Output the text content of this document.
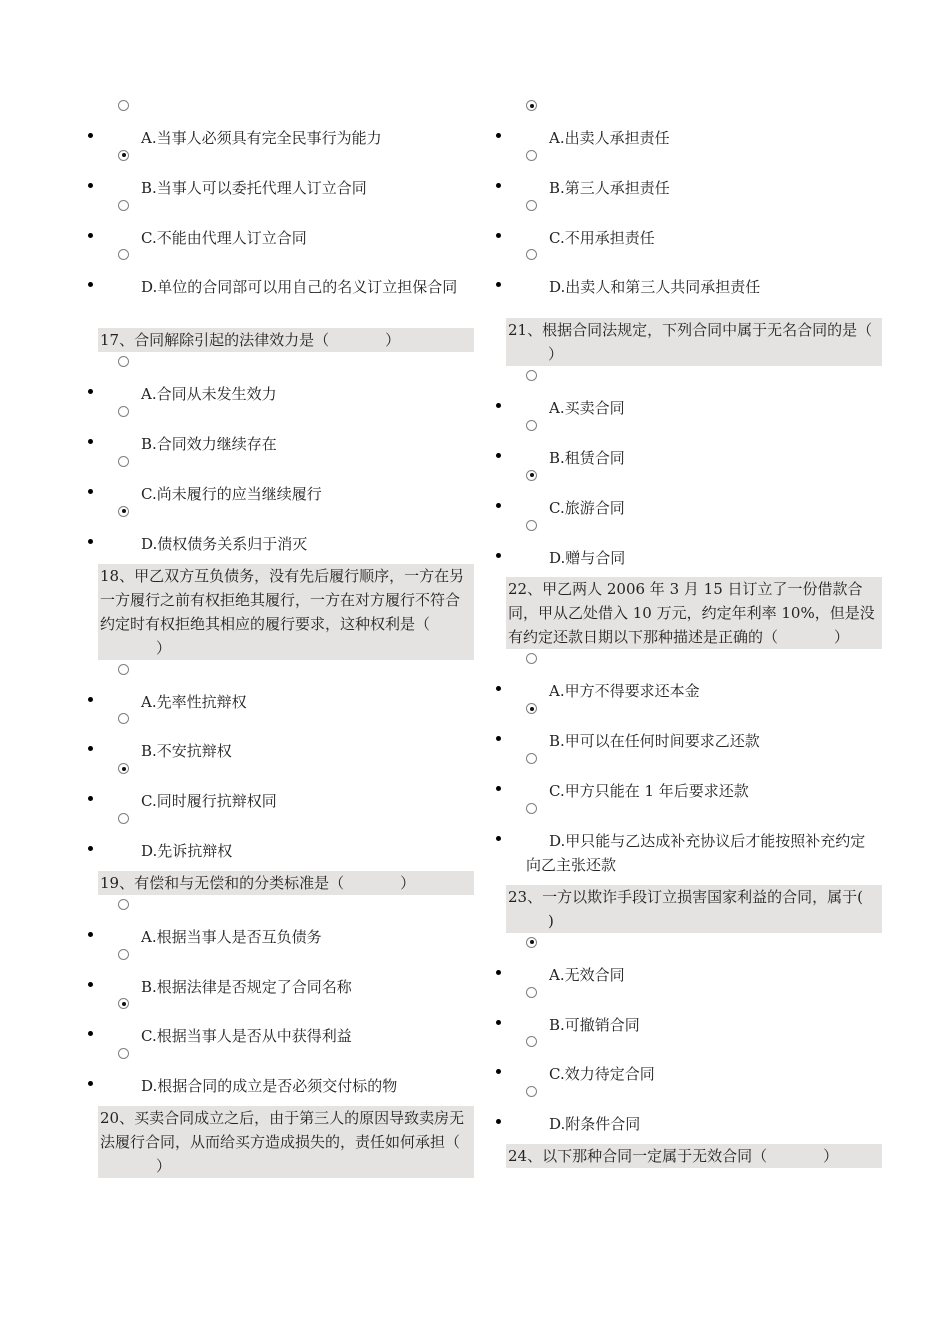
A.当事人必须具有完全民事行为能力
B.当事人可以委托代理人订立合同
C.不能由代理人订立合同
D.单位的合同部可以用自己的名义订立担保合同
17、合同解除引起的法律效力是（	）
A.合同从未发生效力
B.合同效力继续存在
C.尚未履行的应当继续履行
D.债权债务关系归于消灭
18、甲乙双方互负债务，没有先后履行顺序，一方在另一方履行之前有权拒绝其履行，一方在对方履行不符合约定时有权拒绝其相应的履行要求，这种权利是（）
A.先率性抗辩权
B.不安抗辩权
C.同时履行抗辩权同
D.先诉抗辩权
19、有偿和与无偿和的分类标准是（	）
A.根据当事人是否互负债务
B.根据法律是否规定了合同名称
C.根据当事人是否从中获得利益
D.根据合同的成立是否必须交付标的物
20、买卖合同成立之后，由于第三人的原因导致卖房无法履行合同，从而给买方造成损失的，责任如何承担（）
A.出卖人承担责任
B.第三人承担责任
C.不用承担责任
D.出卖人和第三人共同承担责任
21、根据合同法规定，下列合同中属于无名合同的是（）
A.买卖合同
B.租赁合同
C.旅游合同
D.赠与合同
22、甲乙两人 2006 年 3 月 15 日订立了一份借款合同，甲从乙处借入 10 万元，约定年利率 10%，但是没有约定还款日期以下那种描述是正确的（	）
A.甲方不得要求还本金
B.甲可以在任何时间要求乙还款
C.甲方只能在 1 年后要求还款
D.甲只能与乙达成补充协议后才能按照补充约定向乙主张还款
23、一方以欺诈手段订立损害国家利益的合同，属于()
A.无效合同
B.可撤销合同
C.效力待定合同
D.附条件合同
24、以下那种合同一定属于无效合同（	）
